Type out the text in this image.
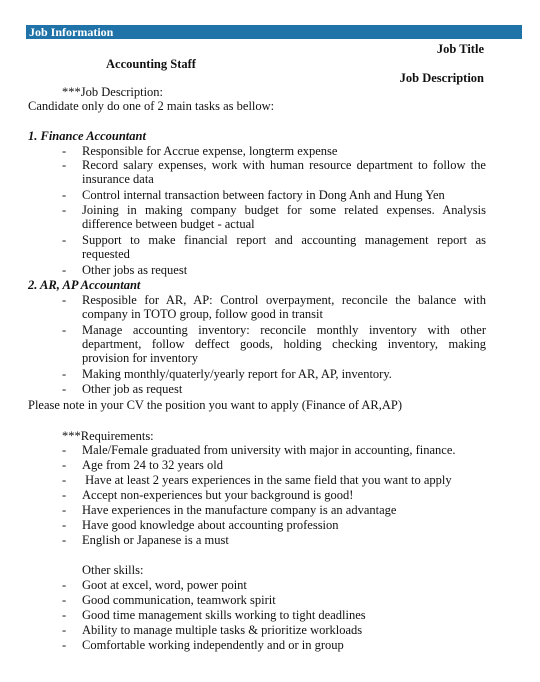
Job Information
Job Title
Accounting Staff
Job Description
***Job Description:
Candidate only do one of 2 main tasks as bellow:
1. Finance Accountant
- Responsible for Accrue expense, longterm expense
- Record salary expenses, work with human resource department to follow the
insurance data
- Control internal transaction between factory in Dong Anh and Hung Yen
- Joining in making company budget for some related expenses. Analysis
difference between budget - actual
- Support to make financial report and accounting management report as
requested
- Other jobs as request
2. AR, AP Accountant
- Resposible for AR, AP: Control overpayment, reconcile the balance with
company in TOTO group, follow good in transit
- Manage accounting inventory: reconcile monthly inventory with other
department, follow deffect goods, holding checking inventory, making
provision for inventory
- Making monthly/quaterly/yearly report for AR, AP, inventory.
- Other job as request
Please note in your CV the position you want to apply (Finance of AR,AP)
***Requirements:
- Male/Female graduated from university with major in accounting, finance.
- Age from 24 to 32 years old
- Have at least 2 years experiences in the same field that you want to apply
- Accept non-experiences but your background is good!
- Have experiences in the manufacture company is an advantage
- Have good knowledge about accounting profession
- English or Japanese is a must
Other skills:
- Goot at excel, word, power point
- Good communication, teamwork spirit
- Good time management skills working to tight deadlines
- Ability to manage multiple tasks & prioritize workloads
- Comfortable working independently and or in group
